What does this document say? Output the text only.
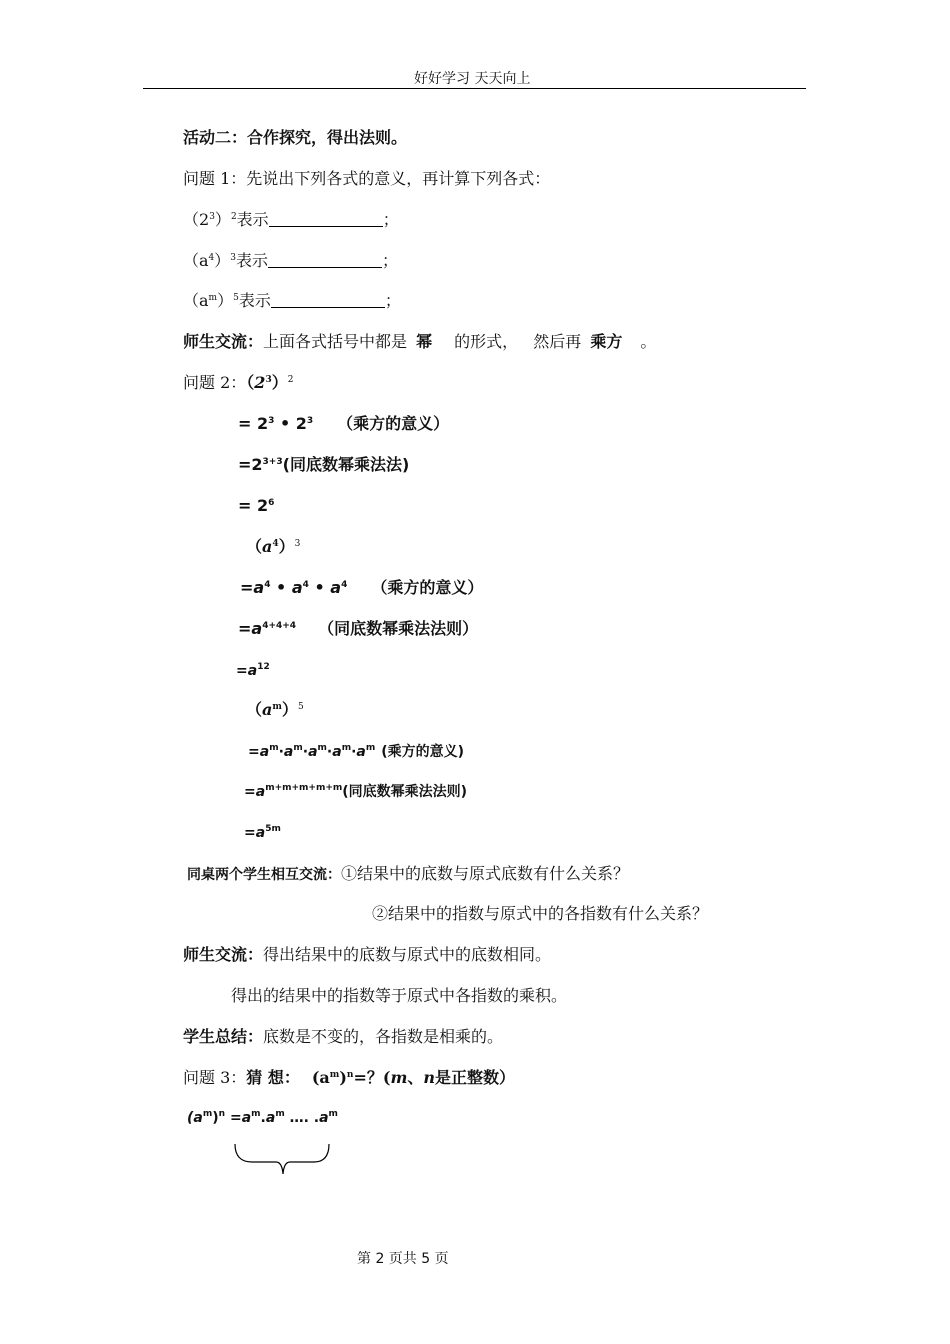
好好学习 天天向上
活动二：合作探究，得出法则。
问题 1：先说出下列各式的意义，再计算下列各式：
$(2^3)^2$表示	；
$(a^4)^3$表示	；
$(a^m)^5$表示	；
师生交流：上面各式括号中都是 幂 的形式， 然后再 乘方 。
问题 2：$(2^3)^2$
= $2^3$ • $2^3$ （乘方的意义）
$=2^{3+3}$(同底数幂乘法法)
= $2^6$
$(a^4)^3$
$=a^4$ • $a^4$ • $a^4$ （乘方的意义）
$=a^{4+4+4}$ （同底数幂乘法法则）
$=a^{12}$
$(a^m)^5$
$=a^m\cdot a^m\cdot a^m\cdot a^m\cdot a^m$ (乘方的意义)
$=a^{m+m+m+m+m}$(同底数幂乘法法则)
$=a^{5m}$
同桌两个学生相互交流：①结果中的底数与原式底数有什么关系？
②结果中的指数与原式中的各指数有什么关系？
师生交流：得出结果中的底数与原式中的底数相同。
得出的结果中的指数等于原式中各指数的乘积。
学生总结：底数是不变的，各指数是相乘的。
问题 3：猜 想： $(a^m)^n=$？(m、n是正整数）
$(a^m)^n =a^m.a^m$ …. $.a^m$
第 2 页共 5 页
